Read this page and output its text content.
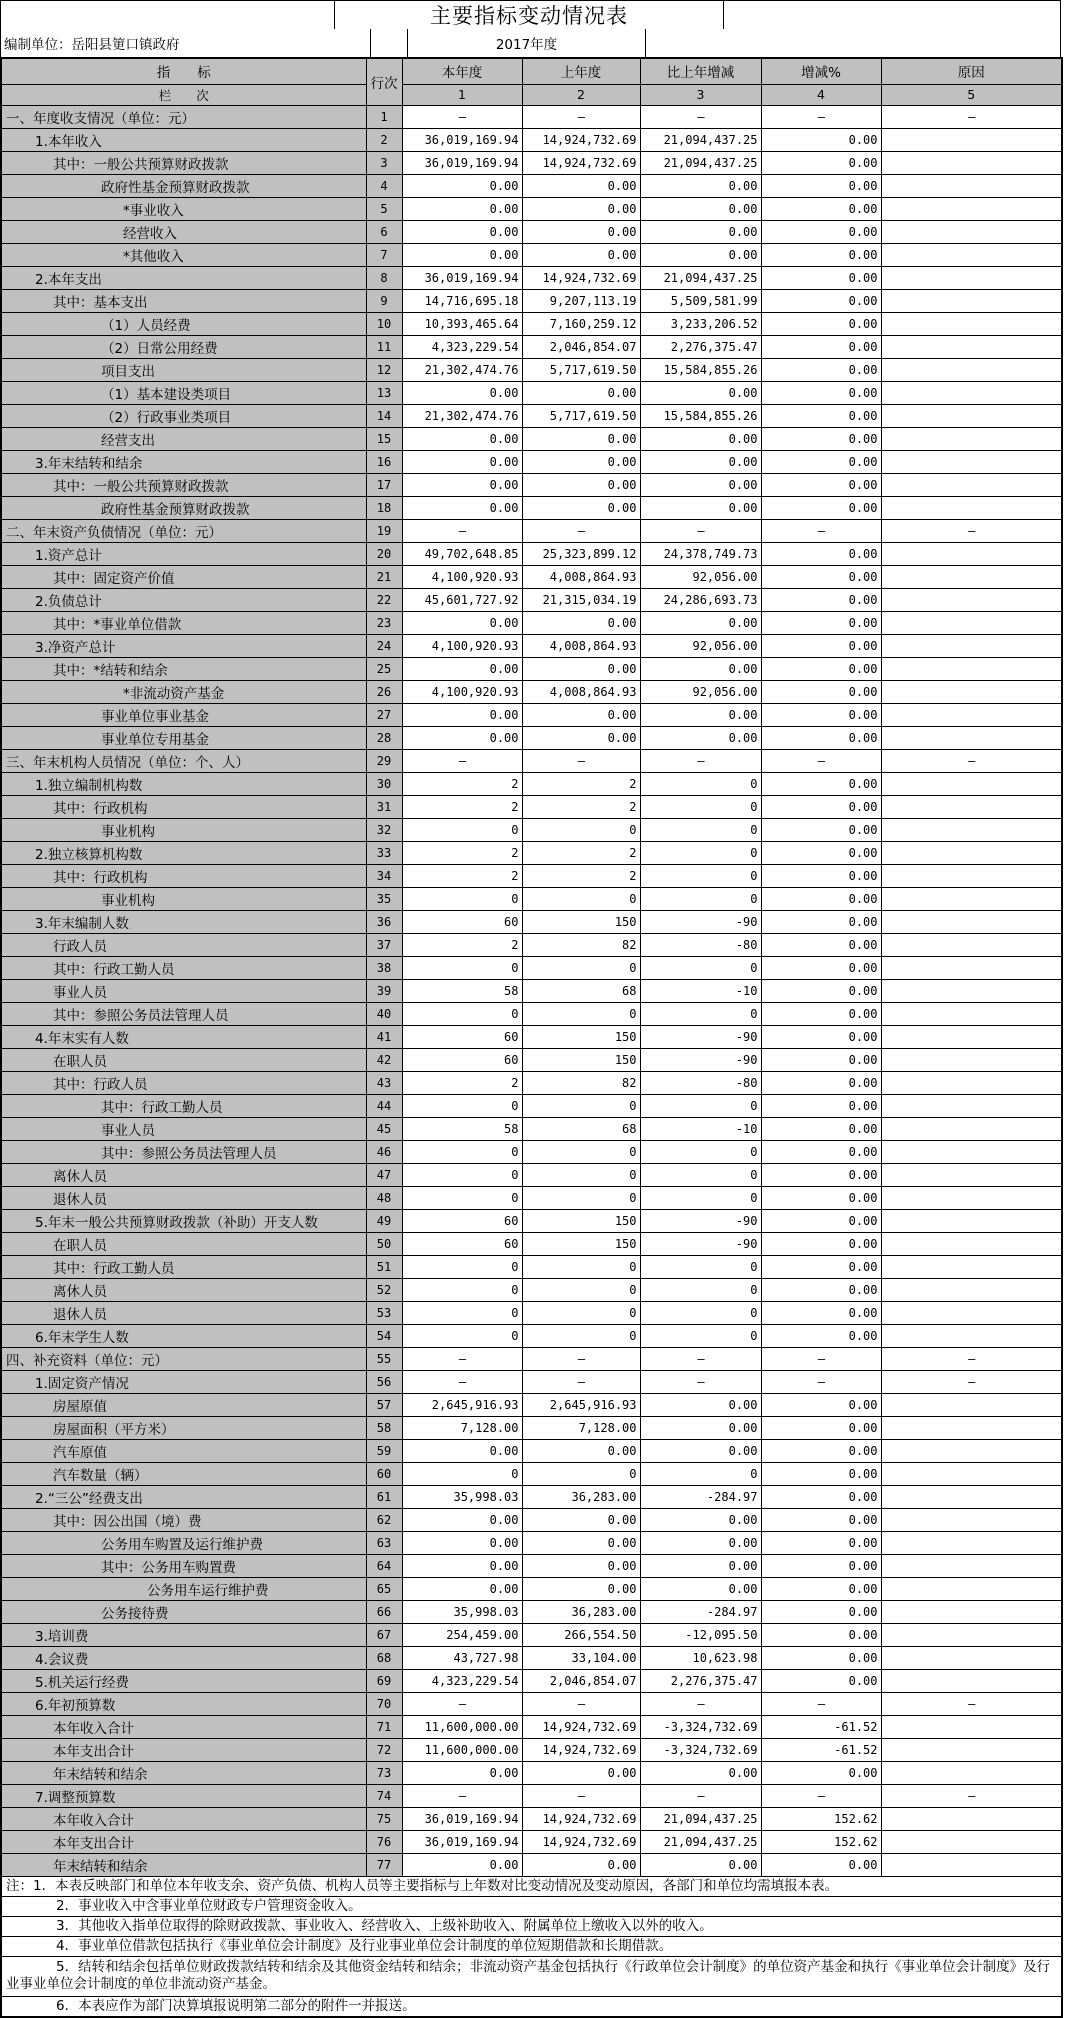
主要指标变动情况表
编制单位：岳阳县筻口镇政府	2017年度
指　　标	行次	本年度	上年度	比上年增减	增减%	原因
栏　　次		1	2	3	4	5
一、年度收支情况（单位：元）	1	—	—	—	—	—
1.本年收入	2	36,019,169.94	14,924,732.69	21,094,437.25	0.00	
其中：一般公共预算财政拨款	3	36,019,169.94	14,924,732.69	21,094,437.25	0.00	
政府性基金预算财政拨款	4	0.00	0.00	0.00	0.00	
*事业收入	5	0.00	0.00	0.00	0.00	
经营收入	6	0.00	0.00	0.00	0.00	
*其他收入	7	0.00	0.00	0.00	0.00	
2.本年支出	8	36,019,169.94	14,924,732.69	21,094,437.25	0.00	
其中：基本支出	9	14,716,695.18	9,207,113.19	5,509,581.99	0.00	
（1）人员经费	10	10,393,465.64	7,160,259.12	3,233,206.52	0.00	
（2）日常公用经费	11	4,323,229.54	2,046,854.07	2,276,375.47	0.00	
项目支出	12	21,302,474.76	5,717,619.50	15,584,855.26	0.00	
（1）基本建设类项目	13	0.00	0.00	0.00	0.00	
（2）行政事业类项目	14	21,302,474.76	5,717,619.50	15,584,855.26	0.00	
经营支出	15	0.00	0.00	0.00	0.00	
3.年末结转和结余	16	0.00	0.00	0.00	0.00	
其中：一般公共预算财政拨款	17	0.00	0.00	0.00	0.00	
政府性基金预算财政拨款	18	0.00	0.00	0.00	0.00	
二、年末资产负债情况（单位：元）	19	—	—	—	—	—
1.资产总计	20	49,702,648.85	25,323,899.12	24,378,749.73	0.00	
其中：固定资产价值	21	4,100,920.93	4,008,864.93	92,056.00	0.00	
2.负债总计	22	45,601,727.92	21,315,034.19	24,286,693.73	0.00	
其中：*事业单位借款	23	0.00	0.00	0.00	0.00	
3.净资产总计	24	4,100,920.93	4,008,864.93	92,056.00	0.00	
其中：*结转和结余	25	0.00	0.00	0.00	0.00	
*非流动资产基金	26	4,100,920.93	4,008,864.93	92,056.00	0.00	
事业单位事业基金	27	0.00	0.00	0.00	0.00	
事业单位专用基金	28	0.00	0.00	0.00	0.00	
三、年末机构人员情况（单位：个、人）	29	—	—	—	—	—
1.独立编制机构数	30	2	2	0	0.00	
其中：行政机构	31	2	2	0	0.00	
事业机构	32	0	0	0	0.00	
2.独立核算机构数	33	2	2	0	0.00	
其中：行政机构	34	2	2	0	0.00	
事业机构	35	0	0	0	0.00	
3.年末编制人数	36	60	150	-90	0.00	
行政人员	37	2	82	-80	0.00	
其中：行政工勤人员	38	0	0	0	0.00	
事业人员	39	58	68	-10	0.00	
其中：参照公务员法管理人员	40	0	0	0	0.00	
4.年末实有人数	41	60	150	-90	0.00	
在职人员	42	60	150	-90	0.00	
其中：行政人员	43	2	82	-80	0.00	
其中：行政工勤人员	44	0	0	0	0.00	
事业人员	45	58	68	-10	0.00	
其中：参照公务员法管理人员	46	0	0	0	0.00	
离休人员	47	0	0	0	0.00	
退休人员	48	0	0	0	0.00	
5.年末一般公共预算财政拨款（补助）开支人数	49	60	150	-90	0.00	
在职人员	50	60	150	-90	0.00	
其中：行政工勤人员	51	0	0	0	0.00	
离休人员	52	0	0	0	0.00	
退休人员	53	0	0	0	0.00	
6.年末学生人数	54	0	0	0	0.00	
四、补充资料（单位：元）	55	—	—	—	—	—
1.固定资产情况	56	—	—	—	—	—
房屋原值	57	2,645,916.93	2,645,916.93	0.00	0.00	
房屋面积（平方米）	58	7,128.00	7,128.00	0.00	0.00	
汽车原值	59	0.00	0.00	0.00	0.00	
汽车数量（辆）	60	0	0	0	0.00	
2.“三公”经费支出	61	35,998.03	36,283.00	-284.97	0.00	
其中：因公出国（境）费	62	0.00	0.00	0.00	0.00	
公务用车购置及运行维护费	63	0.00	0.00	0.00	0.00	
其中：公务用车购置费	64	0.00	0.00	0.00	0.00	
公务用车运行维护费	65	0.00	0.00	0.00	0.00	
公务接待费	66	35,998.03	36,283.00	-284.97	0.00	
3.培训费	67	254,459.00	266,554.50	-12,095.50	0.00	
4.会议费	68	43,727.98	33,104.00	10,623.98	0.00	
5.机关运行经费	69	4,323,229.54	2,046,854.07	2,276,375.47	0.00	
6.年初预算数	70	—	—	—	—	—
本年收入合计	71	11,600,000.00	14,924,732.69	-3,324,732.69	-61.52	
本年支出合计	72	11,600,000.00	14,924,732.69	-3,324,732.69	-61.52	
年末结转和结余	73	0.00	0.00	0.00	0.00	
7.调整预算数	74	—	—	—	—	—
本年收入合计	75	36,019,169.94	14,924,732.69	21,094,437.25	152.62	
本年支出合计	76	36,019,169.94	14,924,732.69	21,094,437.25	152.62	
年末结转和结余	77	0.00	0.00	0.00	0.00	
注：1．本表反映部门和单位本年收支余、资产负债、机构人员等主要指标与上年数对比变动情况及变动原因，各部门和单位均需填报本表。						
2．事业收入中含事业单位财政专户管理资金收入。						
3．其他收入指单位取得的除财政拨款、事业收入、经营收入、上级补助收入、附属单位上缴收入以外的收入。						
4．事业单位借款包括执行《事业单位会计制度》及行业事业单位会计制度的单位短期借款和长期借款。						
5．结转和结余包括单位财政拨款结转和结余及其他资金结转和结余；非流动资产基金包括执行《行政单位会计制度》的单位资产基金和执行《事业单位会计制度》及行业事业单位会计制度的单位非流动资产基金。						
6．本表应作为部门决算填报说明第二部分的附件一并报送。						
